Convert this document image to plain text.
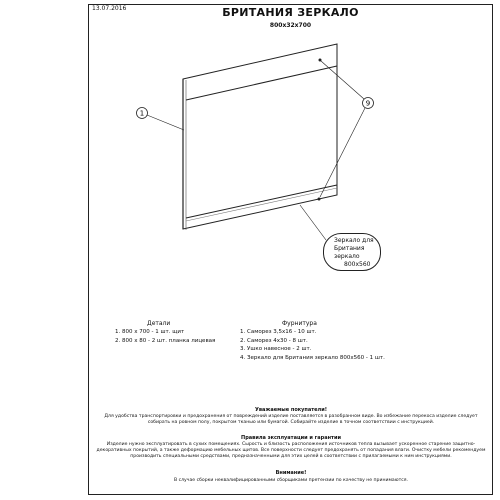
13.07.2016	БРИТАНИЯ ЗЕРКАЛО
800x32x700
1
9
Зеркало для
Британия
зеркало
800x560
Детали
1. 800 х 700 - 1 шт. щит
2. 800 х 80 - 2 шт. планка лицевая
Фурнитура
1. Саморез 3,5х16 - 10 шт.
2. Саморез 4х30 - 8 шт.
3. Ушко навесное - 2 шт.
4. Зеркало для Британия зеркало 800х560 - 1 шт.
Уважаемые покупатели!
Для удобства транспортировки и предохранения от повреждений изделие поставляется в разобранном виде. Во избежание перекоса изделие следует собирать на ровном полу, покрытом тканью или бумагой. Собирайте изделие в точном соответствии с инструкцией.
Правила эксплуатации и гарантии
Изделие нужно эксплуатировать в сухих помещениях. Сырость и близость расположения источников тепла вызывает ускоренное старение защитно-декоративных покрытий, а также деформацию мебельных щитов. Все поверхности следует предохранять от попадания влаги. Очистку мебели рекомендуем производить специальными средствами, предназначенными для этих целей в соответствии с прилагаемыми к ним инструкциями.
Внимание!
В случае сборки неквалифицированными сборщиками претензии по качеству не принимаются.
